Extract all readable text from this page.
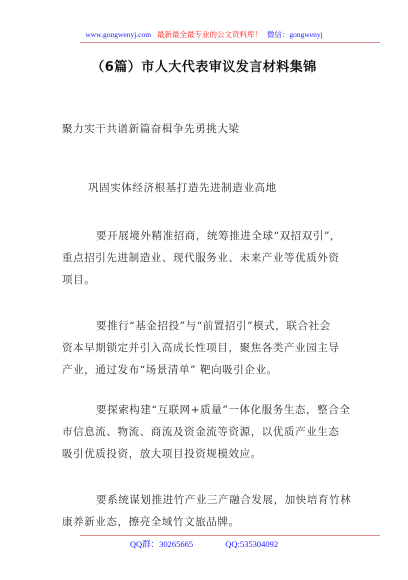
www.gongwenyj.com 最新最全最专业的公文资料库！ 微信：gongwenyj
（6篇）市人大代表审议发言材料集锦
聚力实干共谱新篇奋楫争先勇挑大梁
巩固实体经济根基打造先进制造业高地
要开展境外精准招商，统筹推进全球“双招双引”，
重点招引先进制造业、现代服务业、未来产业等优质外资
项目。
要推行“基金招投”与“前置招引”模式，联合社会
资本早期锁定并引入高成长性项目，聚焦各类产业园主导
产业，通过发布“场景清单” 靶向吸引企业。
要探索构建“互联网+质量”一体化服务生态，整合全
市信息流、物流、商流及资金流等资源，以优质产业生态
吸引优质投资，放大项目投资规模效应。
要系统谋划推进竹产业三产融合发展，加快培育竹林
康养新业态，擦亮全域竹文旅品牌。
QQ群：30265665	QQ:535304092
